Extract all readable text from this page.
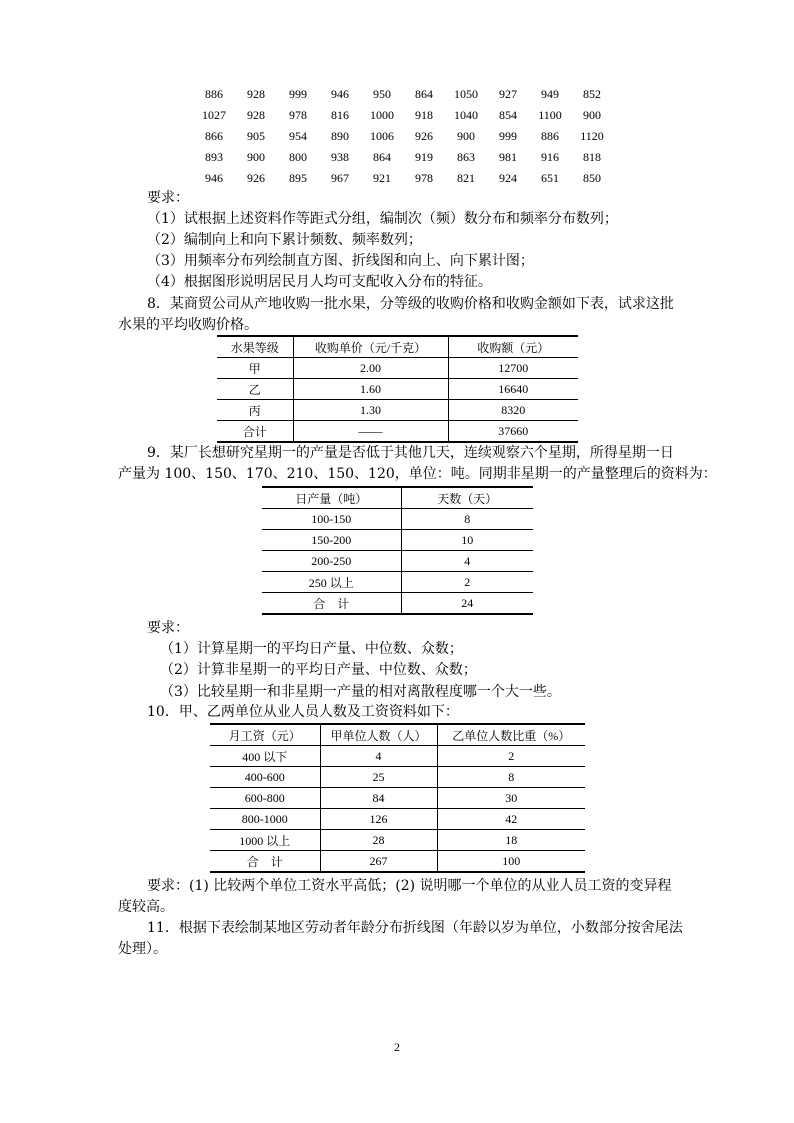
886	928	999	946	950	864	1050	927	949	852
1027	928	978	816	1000	918	1040	854	1100	900
866	905	954	890	1006	926	900	999	886	1120
893	900	800	938	864	919	863	981	916	818
946	926	895	967	921	978	821	924	651	850
要求：
（1）试根据上述资料作等距式分组，编制次（频）数分布和频率分布数列；
（2）编制向上和向下累计频数、频率数列；
（3）用频率分布列绘制直方图、折线图和向上、向下累计图；
（4）根据图形说明居民月人均可支配收入分布的特征。
8．某商贸公司从产地收购一批水果，分等级的收购价格和收购金额如下表，试求这批
水果的平均收购价格。
水果等级	收购单价（元/千克）	收购额（元）
甲	2.00	12700
乙	1.60	16640
丙	1.30	8320
合计	——	37660
9．某厂长想研究星期一的产量是否低于其他几天，连续观察六个星期，所得星期一日
产量为 100、150、170、210、150、120，单位：吨。同期非星期一的产量整理后的资料为：
日产量（吨）	天数（天）
100-150	8
150-200	10
200-250	4
250 以上	2
合　计	24
要求：
（1）计算星期一的平均日产量、中位数、众数；
（2）计算非星期一的平均日产量、中位数、众数；
（3）比较星期一和非星期一产量的相对离散程度哪一个大一些。
10．甲、乙两单位从业人员人数及工资资料如下：
月工资（元）	甲单位人数（人）	乙单位人数比重（%）
400 以下	4	2
400-600	25	8
600-800	84	30
800-1000	126	42
1000 以上	28	18
合　计	267	100
要求：(1) 比较两个单位工资水平高低；(2) 说明哪一个单位的从业人员工资的变异程
度较高。
11．根据下表绘制某地区劳动者年龄分布折线图（年龄以岁为单位，小数部分按舍尾法
处理）。
2
